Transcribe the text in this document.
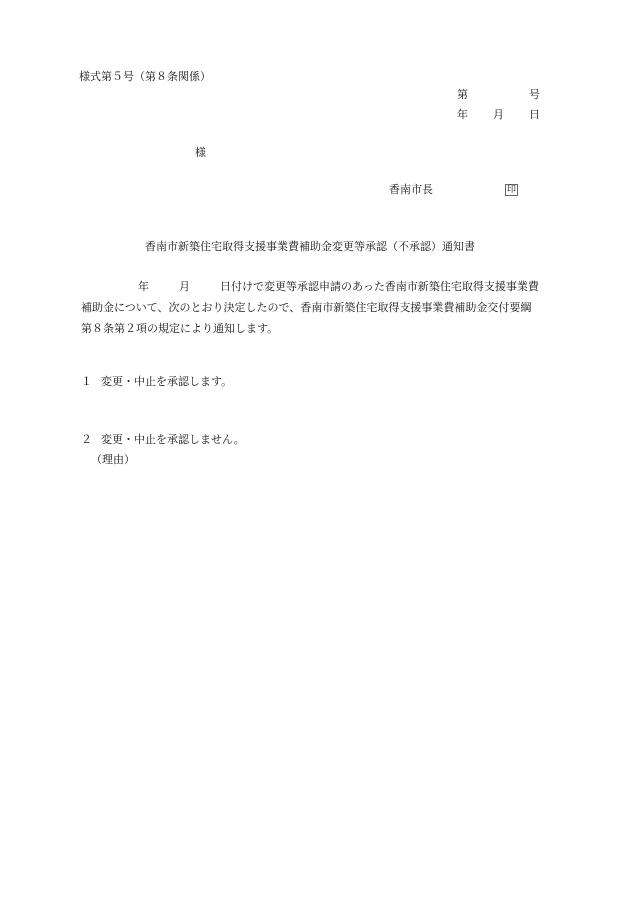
様式第５号（第８条関係）
第	号
年 月 日
様
香南市長	印
香南市新築住宅取得支援事業費補助金変更等承認（不承認）通知書
年	月	日付けで変更等承認申請のあった香南市新築住宅取得支援事業費
補助金について、次のとおり決定したので、香南市新築住宅取得支援事業費補助金交付要綱
第８条第２項の規定により通知します。
１ 変更・中止を承認します。
２ 変更・中止を承認しません。
（理由）
